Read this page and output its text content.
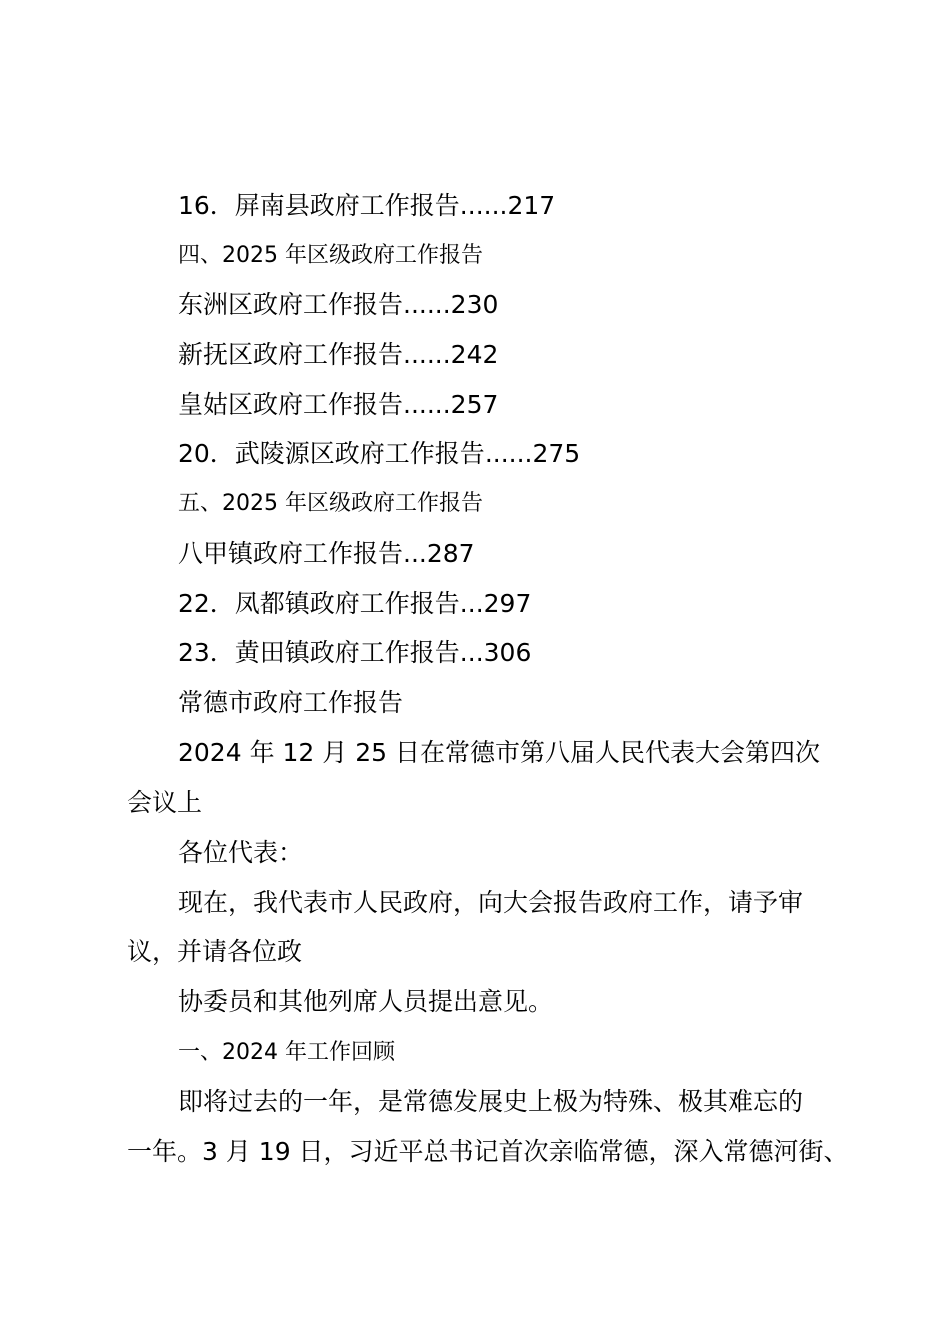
16．屏南县政府工作报告......217
四、2025 年区级政府工作报告
东洲区政府工作报告......230
新抚区政府工作报告......242
皇姑区政府工作报告......257
20．武陵源区政府工作报告......275
五、2025 年区级政府工作报告
八甲镇政府工作报告...287
22．凤都镇政府工作报告...297
23．黄田镇政府工作报告...306
常德市政府工作报告
2024 年 12 月 25 日在常德市第八届人民代表大会第四次
会议上
各位代表：
现在，我代表市人民政府，向大会报告政府工作，请予审
议，并请各位政
协委员和其他列席人员提出意见。
一、2024 年工作回顾
即将过去的一年，是常德发展史上极为特殊、极其难忘的
一年。3 月 19 日，习近平总书记首次亲临常德，深入常德河街、
